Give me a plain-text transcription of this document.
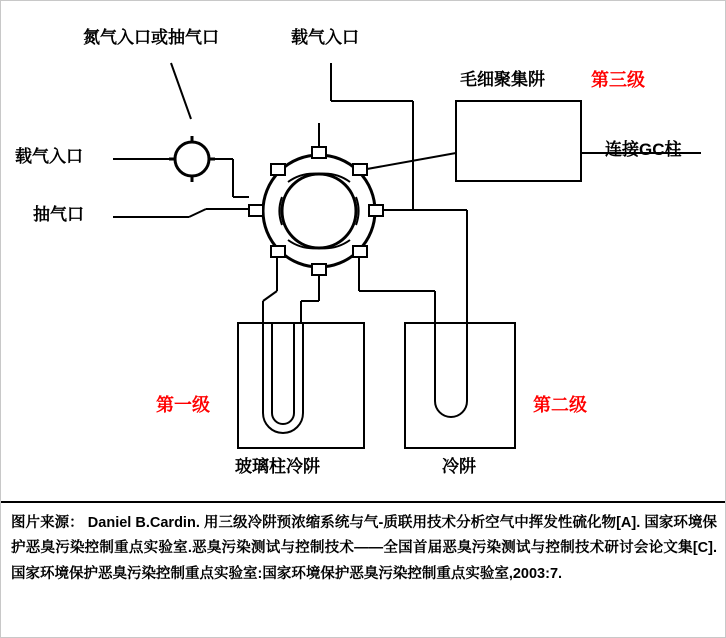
氮气入口或抽气口	载气入口
载气入口
抽气口
毛细聚集阱	第三级
连接GC柱
第一级	第二级
玻璃柱冷阱	冷阱
图片来源： Daniel B.Cardin. 用三级冷阱预浓缩系统与气-质联用技术分析空气中挥发性硫化物[A]. 国家环境保护恶臭污染控制重点实验室.恶臭污染测试与控制技术——全国首届恶臭污染测试与控制技术研讨会论文集[C].国家环境保护恶臭污染控制重点实验室:国家环境保护恶臭污染控制重点实验室,2003:7.
